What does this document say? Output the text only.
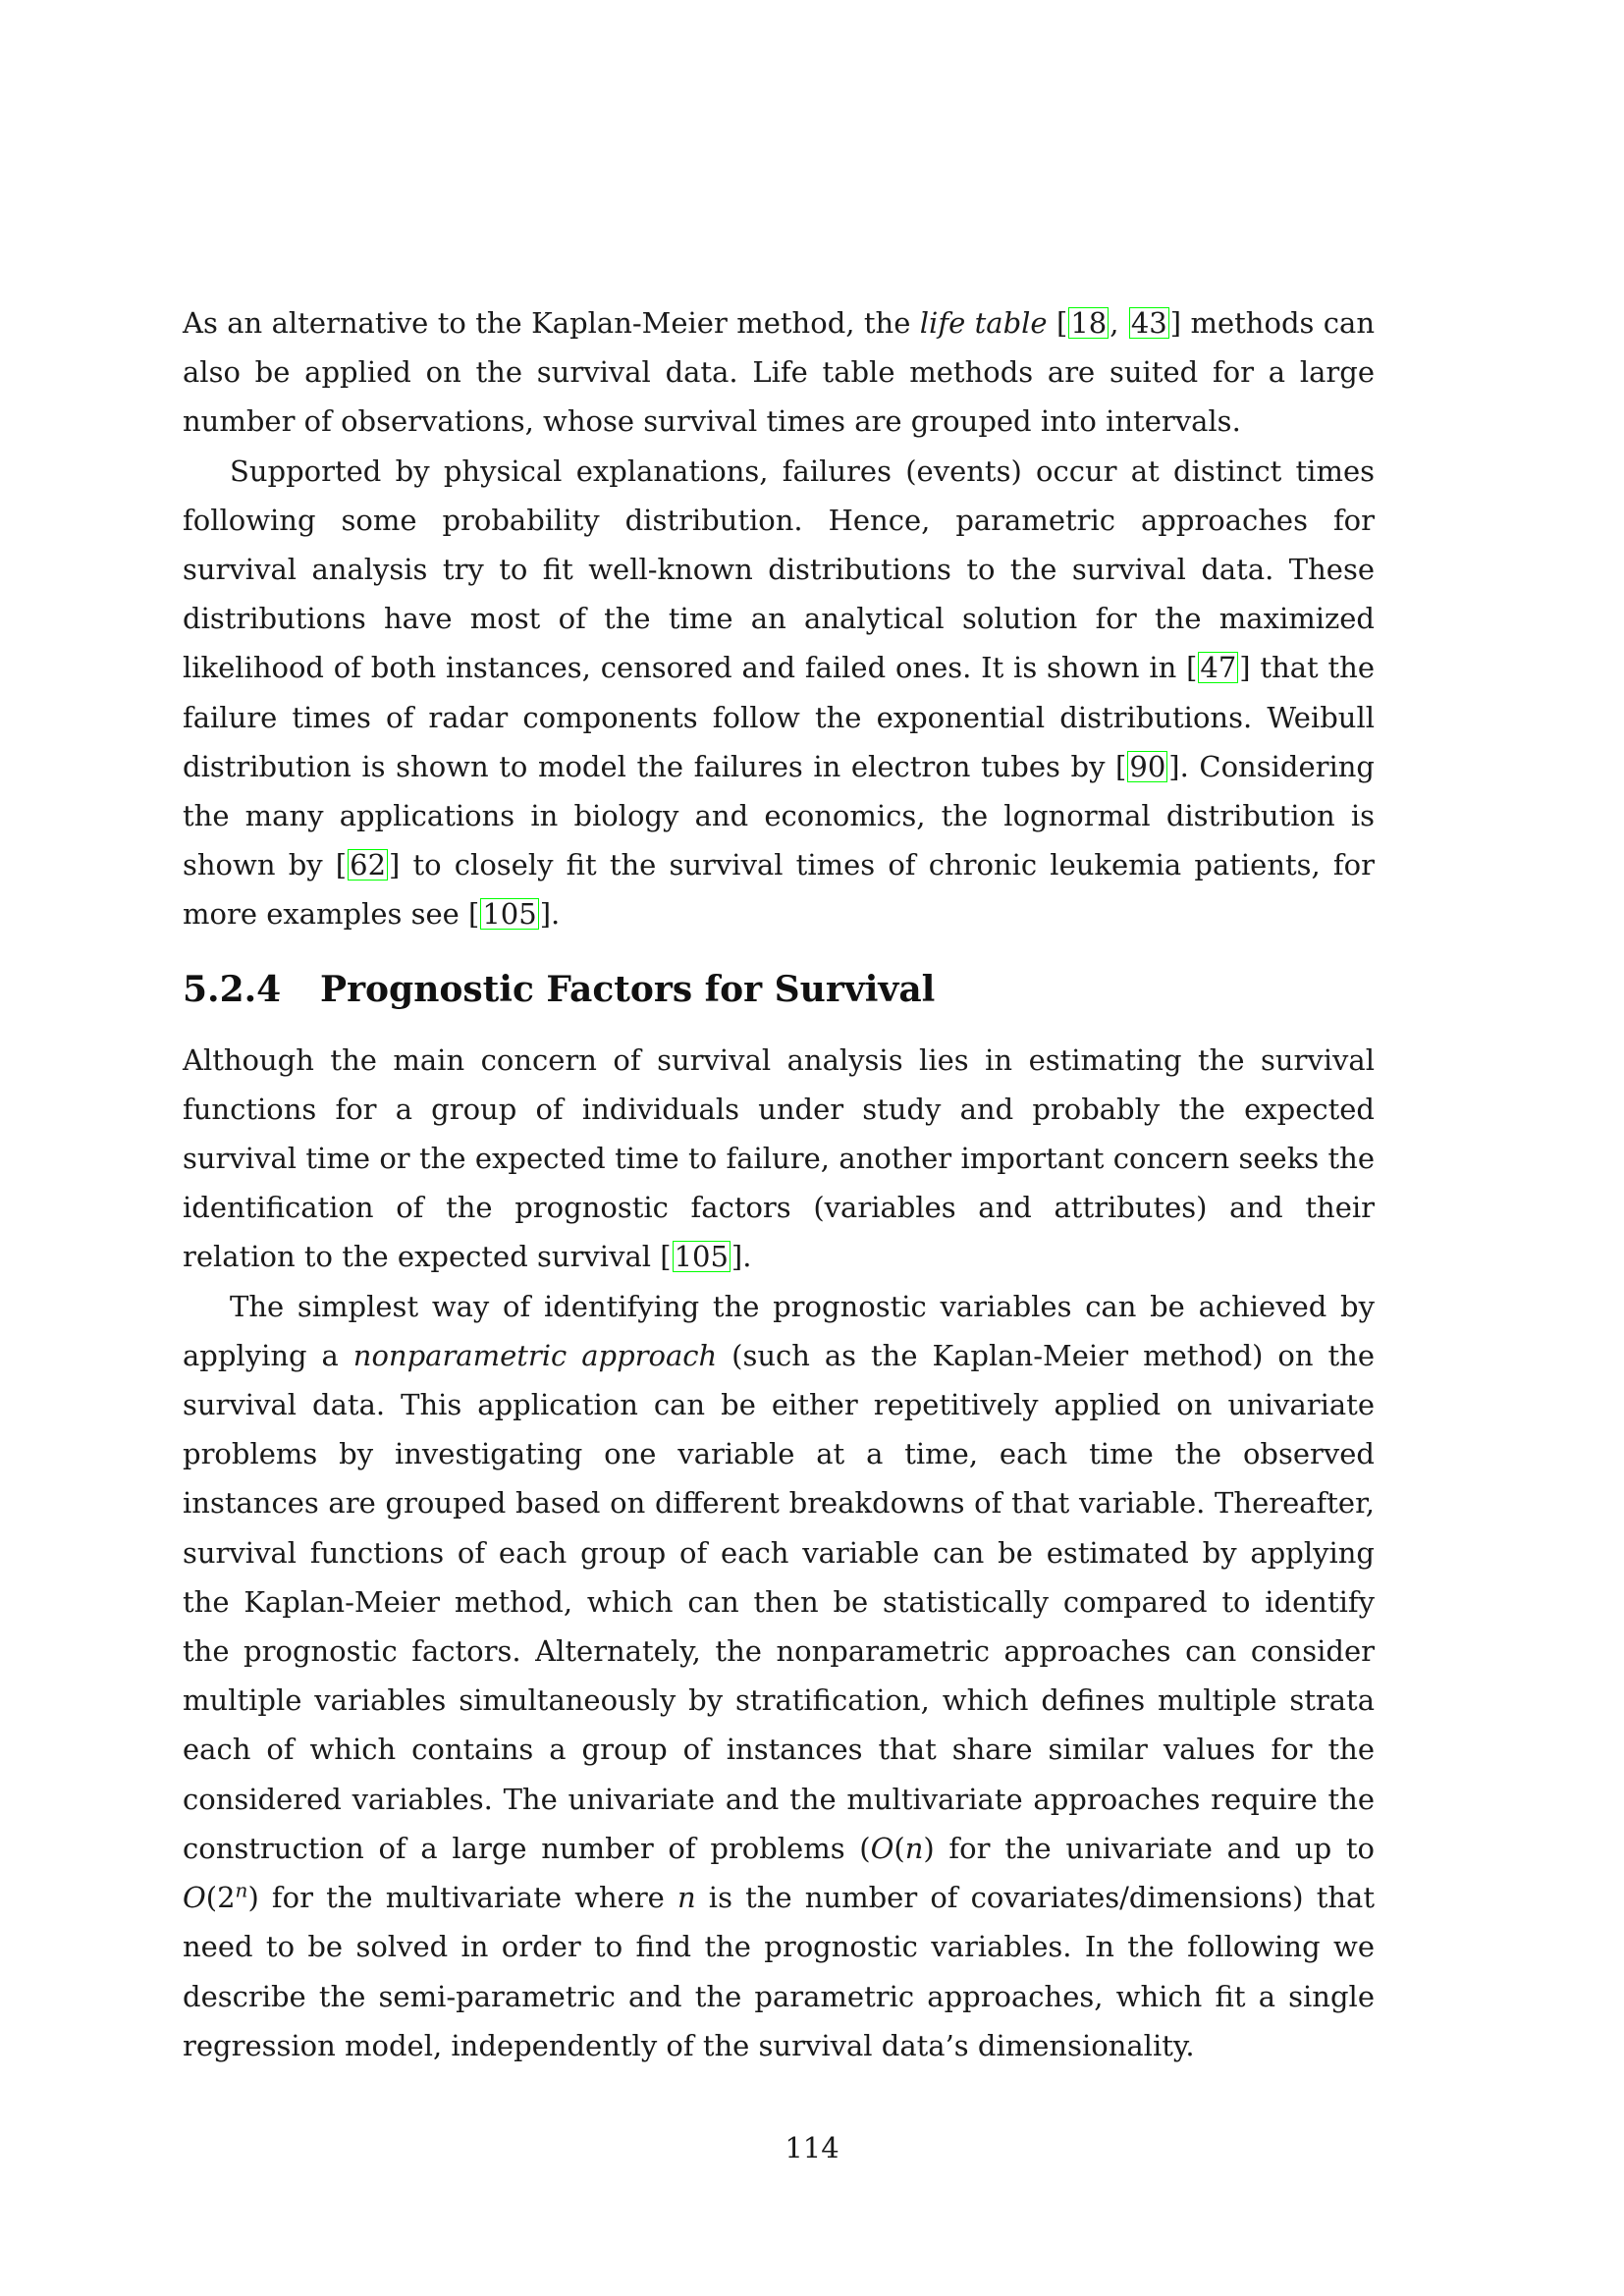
As an alternative to the Kaplan-Meier method, the life table [ 18 , 43 ] methods can also be applied on the survival data. Life table methods are suited for a large number of observations, whose survival times are grouped into intervals.

Supported by physical explanations, failures (events) occur at distinct times following some probability distribution. Hence, parametric approaches for survival analysis try to fit well-known distributions to the survival data. These distributions have most of the time an analytical solution for the maximized likelihood of both instances, censored and failed ones. It is shown in [ 47 ] that the failure times of radar components follow the exponential distributions. Weibull distribution is shown to model the failures in electron tubes by [ 90 ]. Considering the many applications in biology and economics, the lognormal distribution is shown by [ 62 ] to closely fit the survival times of chronic leukemia patients, for more examples see [ 105 ].

5.2.4 Prognostic Factors for Survival

Although the main concern of survival analysis lies in estimating the survival functions for a group of individuals under study and probably the expected survival time or the expected time to failure, another important concern seeks the identification of the prognostic factors (variables and attributes) and their relation to the expected survival [ 105 ].

The simplest way of identifying the prognostic variables can be achieved by applying a nonparametric approach (such as the Kaplan-Meier method) on the survival data. This application can be either repetitively applied on univariate problems by investigating one variable at a time, each time the observed instances are grouped based on different breakdowns of that variable. Thereafter, survival functions of each group of each variable can be estimated by applying the Kaplan-Meier method, which can then be statistically compared to identify the prognostic factors. Alternately, the nonparametric approaches can consider multiple variables simultaneously by stratification, which defines multiple strata each of which contains a group of instances that share similar values for the considered variables. The univariate and the multivariate approaches require the construction of a large number of problems (O(n) for the univariate and up to O(2$^n$) for the multivariate where n is the number of covariates/dimensions) that need to be solved in order to find the prognostic variables. In the following we describe the semi-parametric and the parametric approaches, which fit a single regression model, independently of the survival data’s dimensionality.

114
